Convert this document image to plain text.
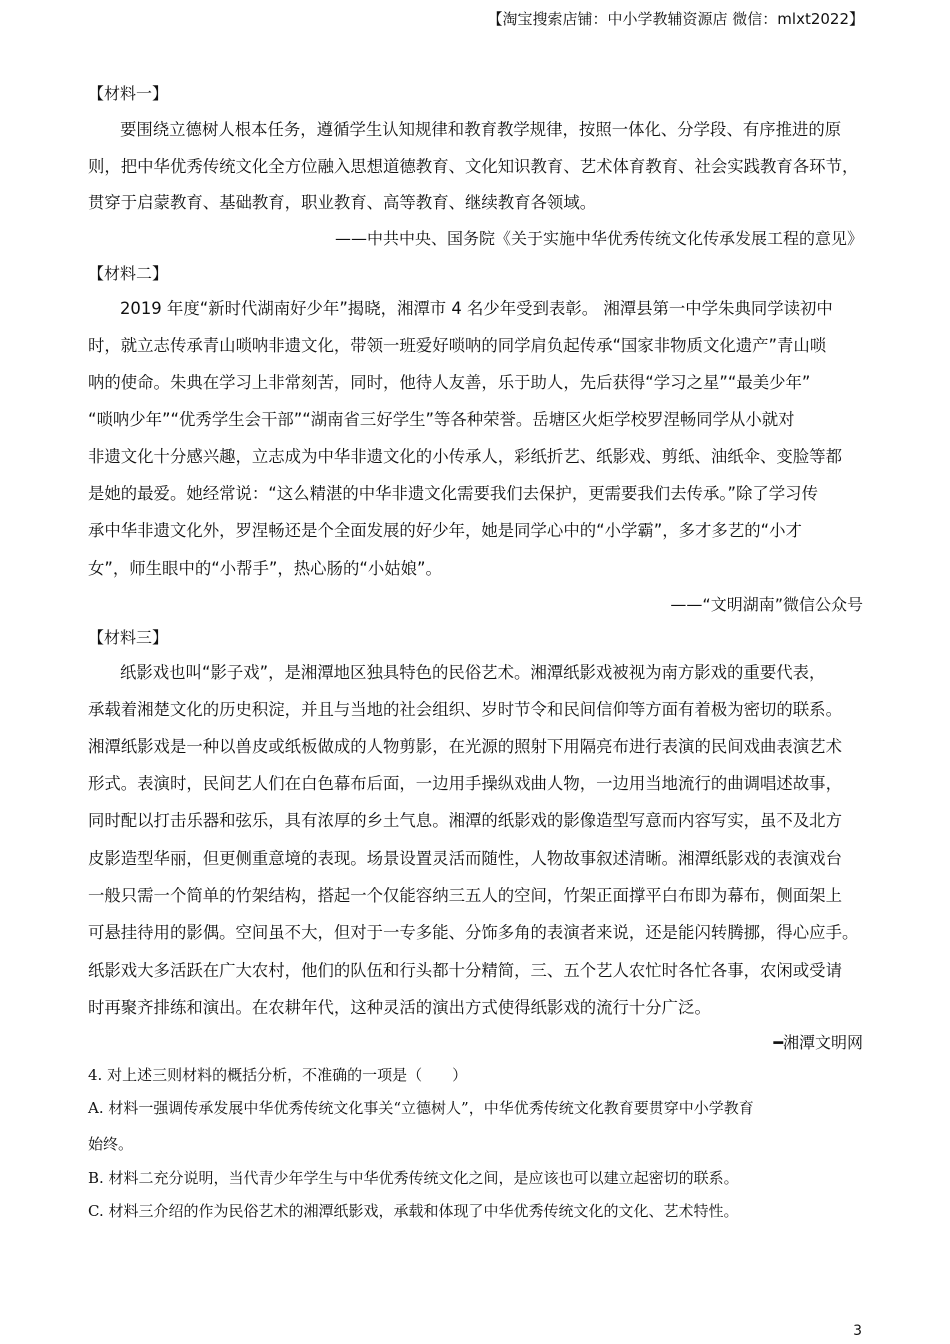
【淘宝搜索店铺：中小学教辅资源店 微信：mlxt2022】
【材料一】
要围绕立德树人根本任务，遵循学生认知规律和教育教学规律，按照一体化、分学段、有序推进的原
则，把中华优秀传统文化全方位融入思想道德教育、文化知识教育、艺术体育教育、社会实践教育各环节，
贯穿于启蒙教育、基础教育，职业教育、高等教育、继续教育各领域。
——中共中央、国务院《关于实施中华优秀传统文化传承发展工程的意见》
【材料二】
2019 年度“新时代湖南好少年”揭晓，湘潭市 4 名少年受到表彰。 湘潭县第一中学朱典同学读初中
时，就立志传承青山唢呐非遗文化，带领一班爱好唢呐的同学肩负起传承“国家非物质文化遗产”青山唢
呐的使命。朱典在学习上非常刻苦，同时，他待人友善，乐于助人，先后获得“学习之星”“最美少年”
“唢呐少年”“优秀学生会干部”“湖南省三好学生”等各种荣誉。岳塘区火炬学校罗涅畅同学从小就对
非遗文化十分感兴趣，立志成为中华非遗文化的小传承人，彩纸折艺、纸影戏、剪纸、油纸伞、变脸等都
是她的最爱。她经常说：“这么精湛的中华非遗文化需要我们去保护，更需要我们去传承。”除了学习传
承中华非遗文化外，罗涅畅还是个全面发展的好少年，她是同学心中的“小学霸”，多才多艺的“小才
女”，师生眼中的“小帮手”，热心肠的“小姑娘”。
——“文明湖南”微信公众号
【材料三】
纸影戏也叫“影子戏”，是湘潭地区独具特色的民俗艺术。湘潭纸影戏被视为南方影戏的重要代表，
承载着湘楚文化的历史积淀，并且与当地的社会组织、岁时节令和民间信仰等方面有着极为密切的联系。
湘潭纸影戏是一种以兽皮或纸板做成的人物剪影，在光源的照射下用隔亮布进行表演的民间戏曲表演艺术
形式。表演时，民间艺人们在白色幕布后面，一边用手操纵戏曲人物，一边用当地流行的曲调唱述故事，
同时配以打击乐器和弦乐，具有浓厚的乡土气息。湘潭的纸影戏的影像造型写意而内容写实，虽不及北方
皮影造型华丽，但更侧重意境的表现。场景设置灵活而随性，人物故事叙述清晰。湘潭纸影戏的表演戏台
一般只需一个简单的竹架结构，搭起一个仅能容纳三五人的空间，竹架正面撑平白布即为幕布，侧面架上
可悬挂待用的影偶。空间虽不大，但对于一专多能、分饰多角的表演者来说，还是能闪转腾挪，得心应手。
纸影戏大多活跃在广大农村，他们的队伍和行头都十分精简，三、五个艺人农忙时各忙各事，农闲或受请
时再聚齐排练和演出。在农耕年代，这种灵活的演出方式使得纸影戏的流行十分广泛。
━湘潭文明网
4. 对上述三则材料的概括分析，不准确的一项是（　　）
A. 材料一强调传承发展中华优秀传统文化事关“立德树人”，中华优秀传统文化教育要贯穿中小学教育
始终。
B. 材料二充分说明，当代青少年学生与中华优秀传统文化之间，是应该也可以建立起密切的联系。
C. 材料三介绍的作为民俗艺术的湘潭纸影戏，承载和体现了中华优秀传统文化的文化、艺术特性。
3
